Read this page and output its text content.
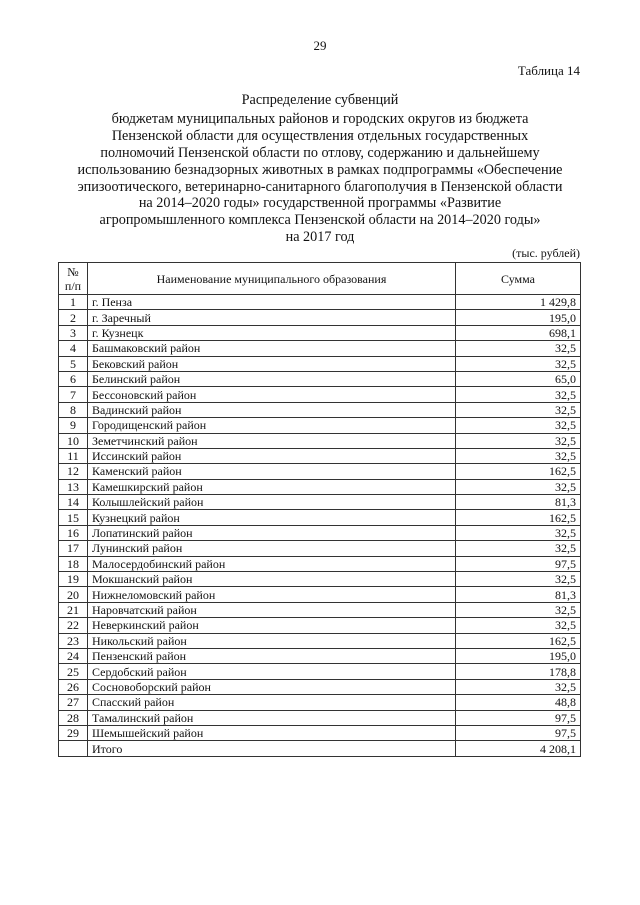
29
Таблица 14
Распределение субвенций
бюджетам муниципальных районов и городских округов из бюджета
Пензенской области для осуществления отдельных государственных
полномочий Пензенской области по отлову, содержанию и дальнейшему
использованию безнадзорных животных в рамках подпрограммы «Обеспечение
эпизоотического, ветеринарно-санитарного благополучия в Пензенской области
на 2014–2020 годы» государственной программы «Развитие
агропромышленного комплекса Пензенской области на 2014–2020 годы»
на 2017 год
(тыс. рублей)
№
п/п	Наименование муниципального образования	Сумма
1	г. Пенза	1 429,8
2	г. Заречный	195,0
3	г. Кузнецк	698,1
4	Башмаковский район	32,5
5	Бековский район	32,5
6	Белинский район	65,0
7	Бессоновский район	32,5
8	Вадинский район	32,5
9	Городищенский район	32,5
10	Земетчинский район	32,5
11	Иссинский район	32,5
12	Каменский район	162,5
13	Камешкирский район	32,5
14	Колышлейский район	81,3
15	Кузнецкий район	162,5
16	Лопатинский район	32,5
17	Лунинский район	32,5
18	Малосердобинский район	97,5
19	Мокшанский район	32,5
20	Нижнеломовский район	81,3
21	Наровчатский район	32,5
22	Неверкинский район	32,5
23	Никольский район	162,5
24	Пензенский район	195,0
25	Сердобский район	178,8
26	Сосновоборский район	32,5
27	Спасский район	48,8
28	Тамалинский район	97,5
29	Шемышейский район	97,5
	Итого	4 208,1
